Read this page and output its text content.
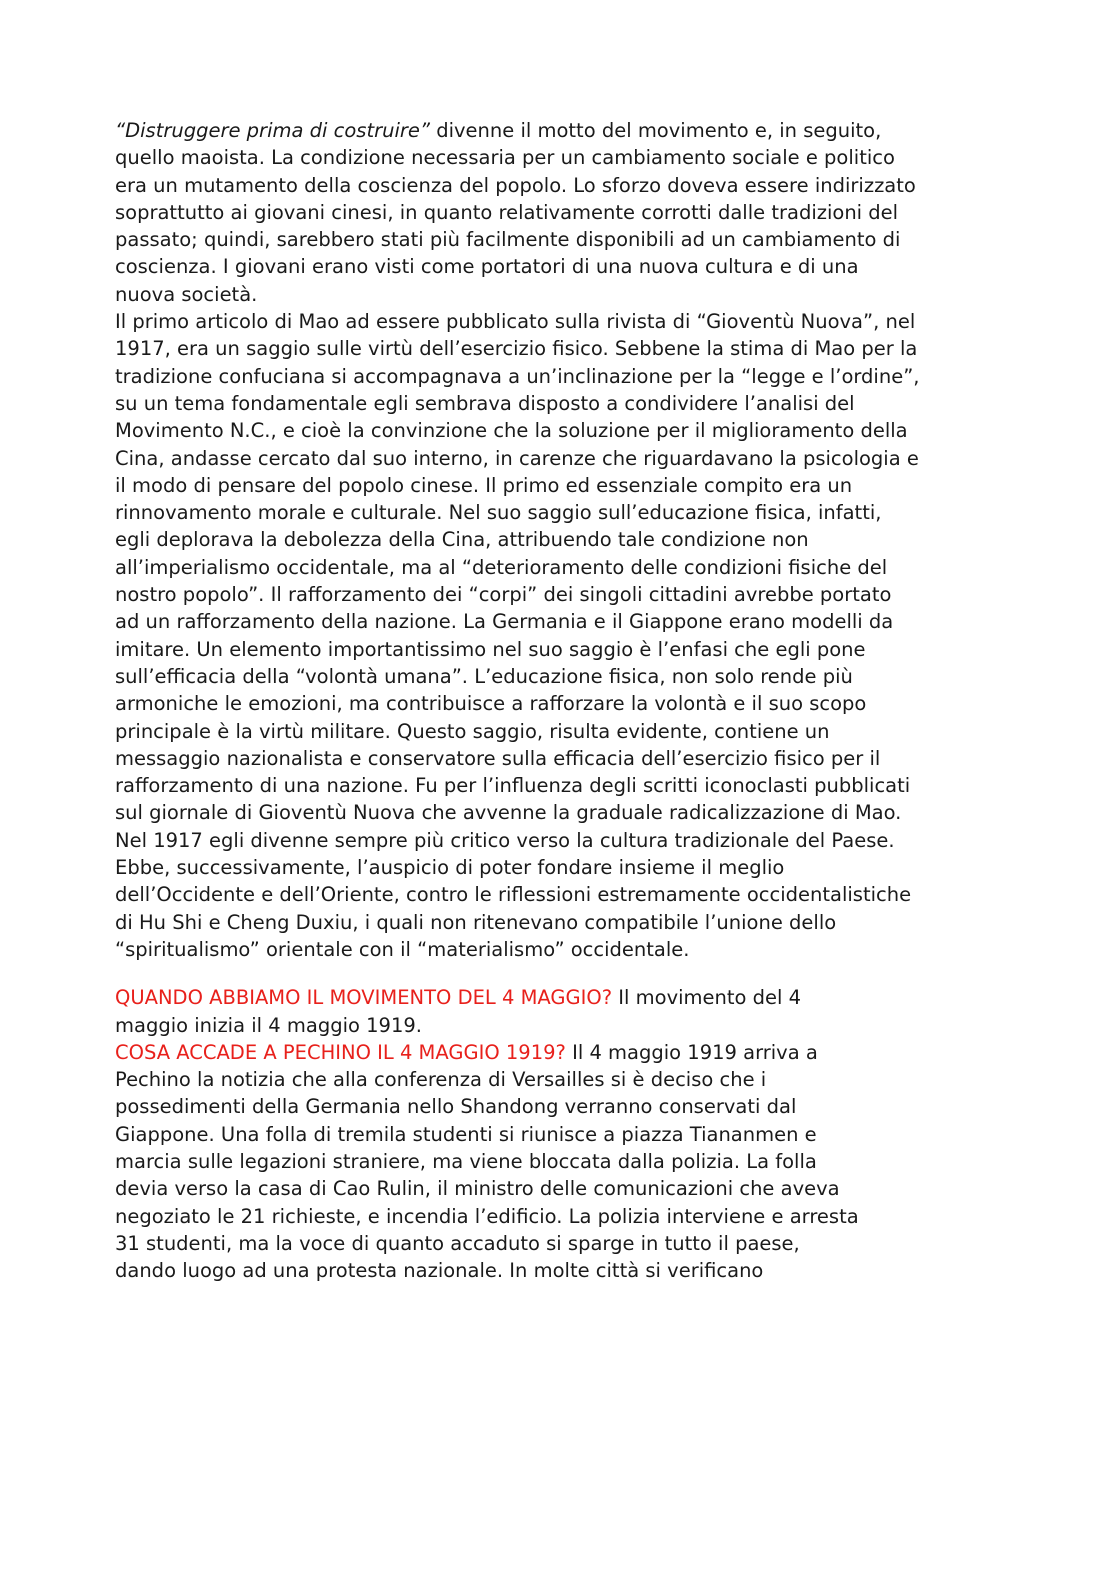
“Distruggere prima di costruire” divenne il motto del movimento e, in seguito,
quello maoista. La condizione necessaria per un cambiamento sociale e politico
era un mutamento della coscienza del popolo. Lo sforzo doveva essere indirizzato
soprattutto ai giovani cinesi, in quanto relativamente corrotti dalle tradizioni del
passato; quindi, sarebbero stati più facilmente disponibili ad un cambiamento di
coscienza. I giovani erano visti come portatori di una nuova cultura e di una
nuova società.
Il primo articolo di Mao ad essere pubblicato sulla rivista di “Gioventù Nuova”, nel
1917, era un saggio sulle virtù dell’esercizio fisico. Sebbene la stima di Mao per la
tradizione confuciana si accompagnava a un’inclinazione per la “legge e l’ordine”,
su un tema fondamentale egli sembrava disposto a condividere l’analisi del
Movimento N.C., e cioè la convinzione che la soluzione per il miglioramento della
Cina, andasse cercato dal suo interno, in carenze che riguardavano la psicologia e
il modo di pensare del popolo cinese. Il primo ed essenziale compito era un
rinnovamento morale e culturale. Nel suo saggio sull’educazione fisica, infatti,
egli deplorava la debolezza della Cina, attribuendo tale condizione non
all’imperialismo occidentale, ma al “deterioramento delle condizioni fisiche del
nostro popolo”. Il rafforzamento dei “corpi” dei singoli cittadini avrebbe portato
ad un rafforzamento della nazione. La Germania e il Giappone erano modelli da
imitare. Un elemento importantissimo nel suo saggio è l’enfasi che egli pone
sull’efficacia della “volontà umana”. L’educazione fisica, non solo rende più
armoniche le emozioni, ma contribuisce a rafforzare la volontà e il suo scopo
principale è la virtù militare. Questo saggio, risulta evidente, contiene un
messaggio nazionalista e conservatore sulla efficacia dell’esercizio fisico per il
rafforzamento di una nazione. Fu per l’influenza degli scritti iconoclasti pubblicati
sul giornale di Gioventù Nuova che avvenne la graduale radicalizzazione di Mao.
Nel 1917 egli divenne sempre più critico verso la cultura tradizionale del Paese.
Ebbe, successivamente, l’auspicio di poter fondare insieme il meglio
dell’Occidente e dell’Oriente, contro le riflessioni estremamente occidentalistiche
di Hu Shi e Cheng Duxiu, i quali non ritenevano compatibile l’unione dello
“spiritualismo” orientale con il “materialismo” occidentale.
QUANDO ABBIAMO IL MOVIMENTO DEL 4 MAGGIO? Il movimento del 4
maggio inizia il 4 maggio 1919.
COSA ACCADE A PECHINO IL 4 MAGGIO 1919? Il 4 maggio 1919 arriva a
Pechino la notizia che alla conferenza di Versailles si è deciso che i
possedimenti della Germania nello Shandong verranno conservati dal
Giappone. Una folla di tremila studenti si riunisce a piazza Tiananmen e
marcia sulle legazioni straniere, ma viene bloccata dalla polizia. La folla
devia verso la casa di Cao Rulin, il ministro delle comunicazioni che aveva
negoziato le 21 richieste, e incendia l’edificio. La polizia interviene e arresta
31 studenti, ma la voce di quanto accaduto si sparge in tutto il paese,
dando luogo ad una protesta nazionale. In molte città si verificano
